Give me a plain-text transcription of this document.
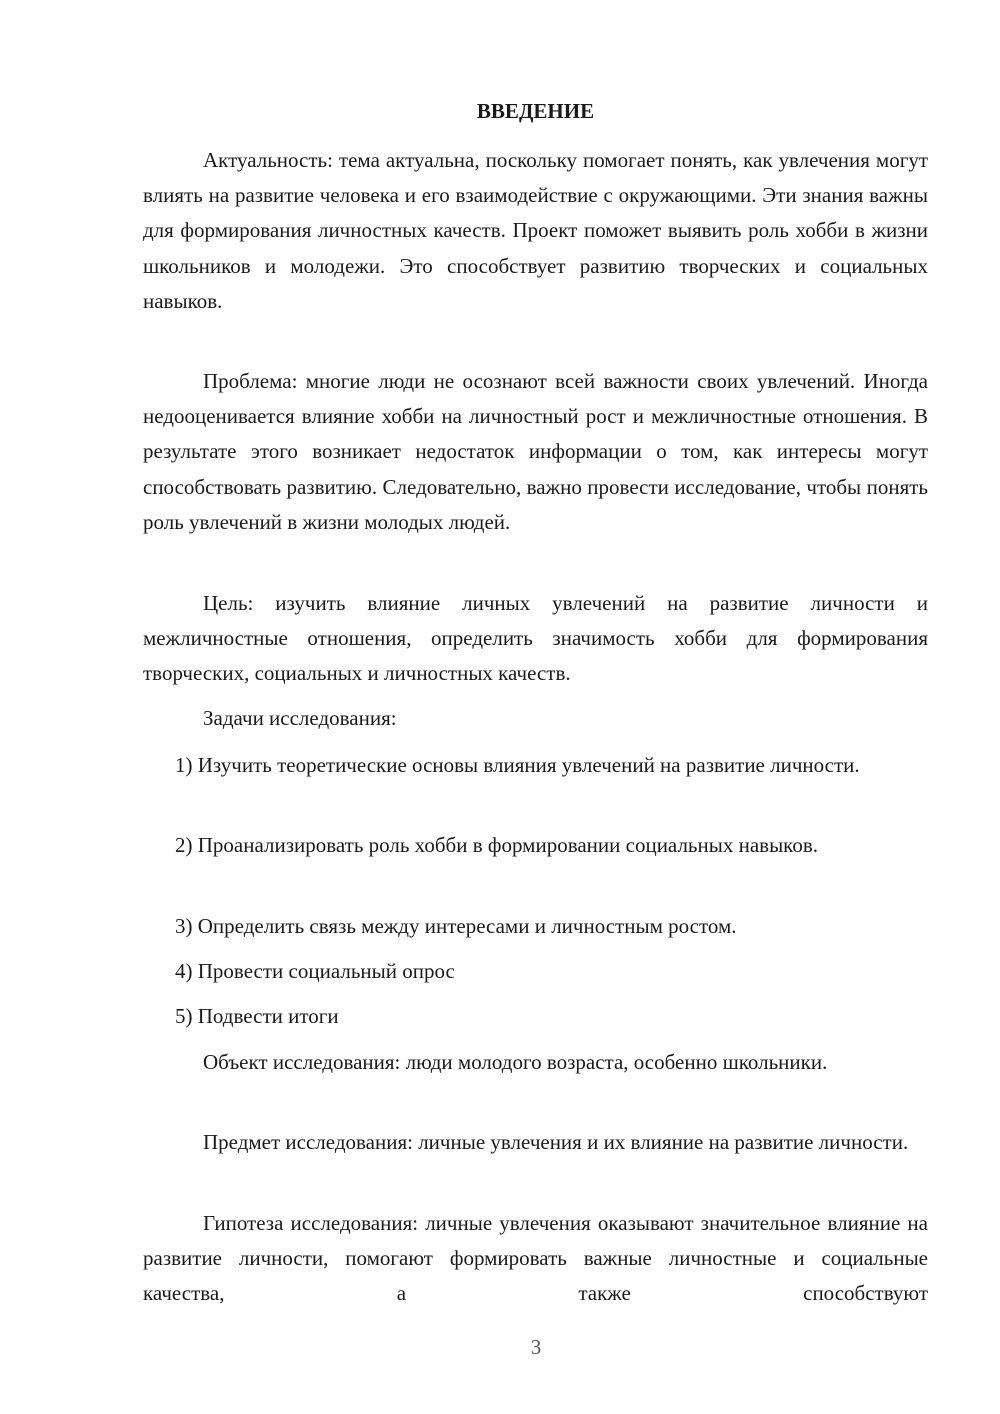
ВВЕДЕНИЕ

Актуальность: тема актуальна, поскольку помогает понять, как увлечения могут влиять на развитие человека и его взаимодействие с окружающими. Эти знания важны для формирования личностных качеств. Проект поможет выявить роль хобби в жизни школьников и молодежи. Это способствует развитию творческих и социальных навыков.

Проблема: многие люди не осознают всей важности своих увлечений. Иногда недооценивается влияние хобби на личностный рост и межличностные отношения. В результате этого возникает недостаток информации о том, как интересы могут способствовать развитию. Следовательно, важно провести исследование, чтобы понять роль увлечений в жизни молодых людей.

Цель: изучить влияние личных увлечений на развитие личности и межличностные отношения, определить значимость хобби для формирования творческих, социальных и личностных качеств.

Задачи исследования:

1) Изучить теоретические основы влияния увлечений на развитие личности.

2) Проанализировать роль хобби в формировании социальных навыков.

3) Определить связь между интересами и личностным ростом.

4) Провести социальный опрос

5) Подвести итоги

Объект исследования: люди молодого возраста, особенно школьники.

Предмет исследования: личные увлечения и их влияние на развитие личности.

Гипотеза исследования: личные увлечения оказывают значительное влияние на развитие личности, помогают формировать важные личностные и социальные качества, а также способствуют

3
